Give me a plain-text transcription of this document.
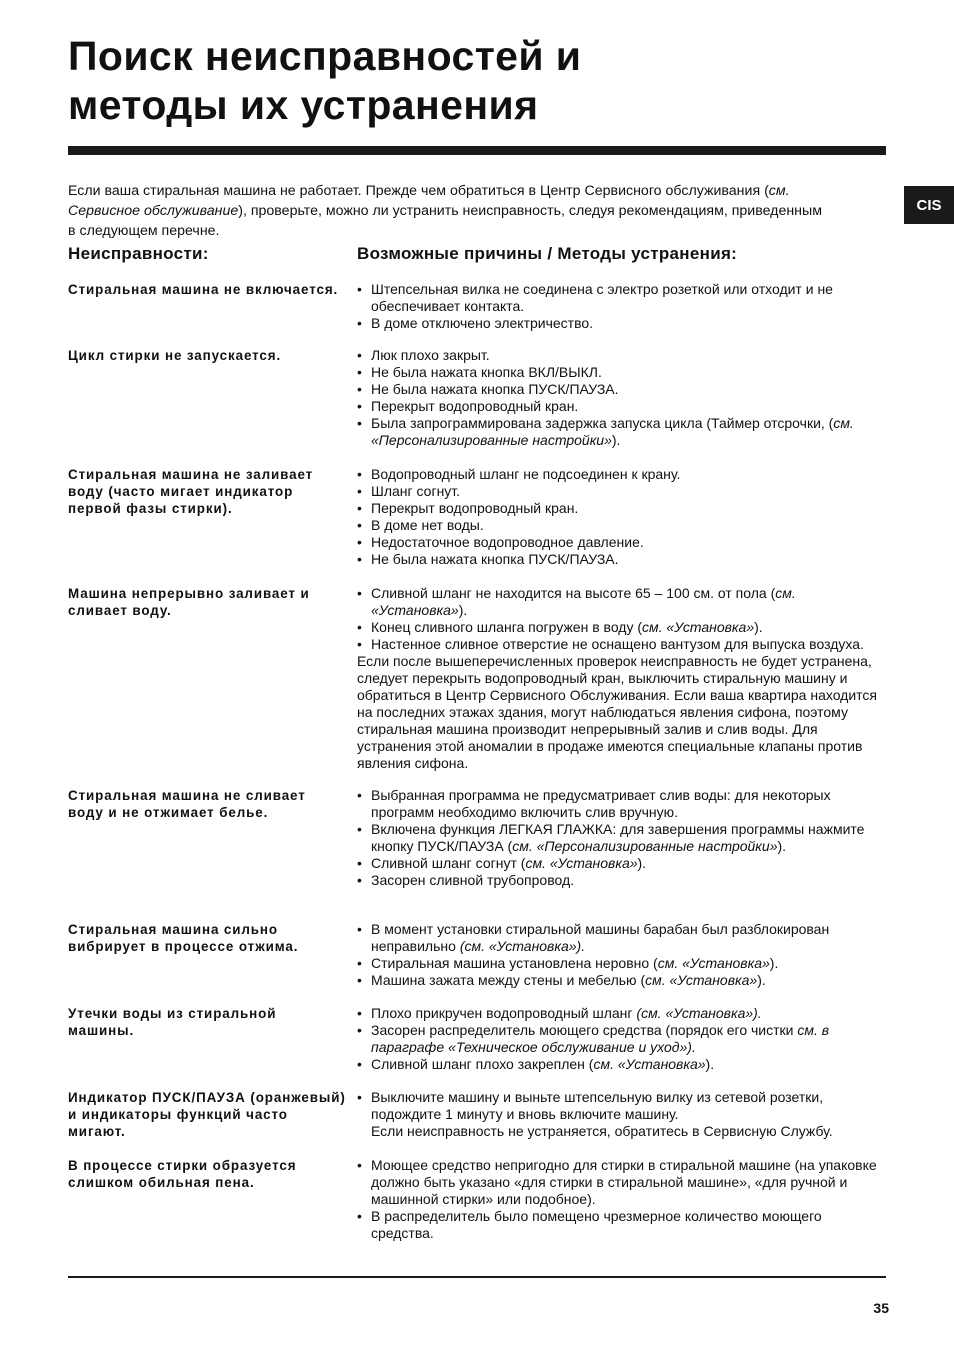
Поиск неисправностей и
методы их устранения
CIS

Если ваша стиральная машина не работает. Прежде чем обратиться в Центр Сервисного обслуживания (см. Сервисное обслуживание), проверьте, можно ли устранить неисправность, следуя рекомендациям, приведенным в следующем перечне.

Неисправности:	Возможные причины / Методы устранения:
Стиральная машина не включается.	• Штепсельная вилка не соединена с электро розеткой или отходит и не обеспечивает контакта.
• В доме отключено электричество.
Цикл стирки не запускается.	• Люк плохо закрыт.
• Не была нажата кнопка ВКЛ/ВЫКЛ.
• Не была нажата кнопка ПУСК/ПАУЗА.
• Перекрыт водопроводный кран.
• Была запрограммирована задержка запуска цикла (Таймер отсрочки, (см. «Персонализированные настройки»).
Стиральная машина не заливает воду (часто мигает индикатор первой фазы стирки).
• Водопроводный шланг не подсоединен к крану.
• Шланг согнут.
• Перекрыт водопроводный кран.
• В доме нет воды.
• Недостаточное водопроводное давление.
• Не была нажата кнопка ПУСК/ПАУЗА.
Машина непрерывно заливает и сливает воду.
• Сливной шланг не находится на высоте 65 – 100 см. от пола (см. «Установка»).
• Конец сливного шланга погружен в воду (см. «Установка»).
• Настенное сливное отверстие не оснащено вантузом для выпуска воздуха.

Если после вышеперечисленных проверок неисправность не будет устранена, следует перекрыть водопроводный кран, выключить стиральную машину и обратиться в Центр Сервисного Обслуживания. Если ваша квартира находится на последних этажах здания, могут наблюдаться явления сифона, поэтому стиральная машина производит непрерывный залив и слив воды. Для устранения этой аномалии в продаже имеются специальные клапаны против явления сифона.

Стиральная машина не сливает воду и не отжимает белье.
• Выбранная программа не предусматривает слив воды: для некоторых программ необходимо включить слив вручную.
• Включена функция ЛЕГКАЯ ГЛАЖКА: для завершения программы нажмите кнопку ПУСК/ПАУЗА (см. «Персонализированные настройки»).
• Сливной шланг согнут (см. «Установка»).
• Засорен сливной трубопровод.
Стиральная машина сильно вибрирует в процессе отжима.
• В момент установки стиральной машины барабан был разблокирован неправильно (см. «Установка»).
• Стиральная машина установлена неровно (см. «Установка»).
• Машина зажата между стены и мебелью (см. «Установка»).
Утечки воды из стиральной машины.
• Плохо прикручен водопроводный шланг (см. «Установка»).
• Засорен распределитель моющего средства (порядок его чистки см. в параграфе «Техническое обслуживание и уход»).
• Сливной шланг плохо закреплен (см. «Установка»).
Индикатор ПУСК/ПАУЗА (оранжевый) и индикаторы функций часто мигают.
• Выключите машину и выньте штепсельную вилку из сетевой розетки, подождите 1 минуту и вновь включите машину.

Если неисправность не устраняется, обратитесь в Сервисную Службу.

В процессе стирки образуется слишком обильная пена.
• Моющее средство непригодно для стирки в стиральной машине (на упаковке должно быть указано «для стирки в стиральной машине», «для ручной и машинной стирки» или подобное).
• В распределитель было помещено чрезмерное количество моющего средства.
35
